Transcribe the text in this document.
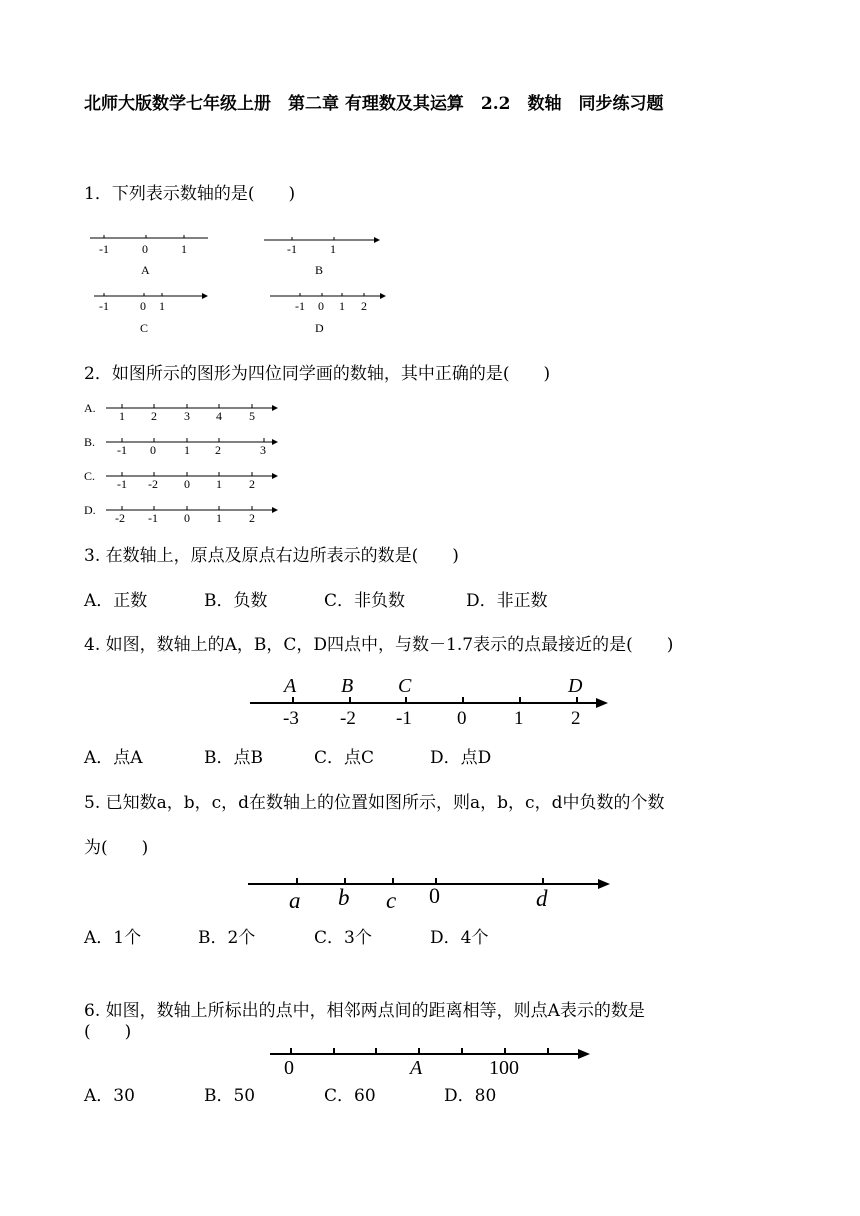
北师大版数学七年级上册　第二章 有理数及其运算　2.2　数轴　同步练习题
1．下列表示数轴的是(　　)
-1	0	1
A
-1	1
B
-1	0 1
C
-1 0 1 2
D
2．如图所示的图形为四位同学画的数轴，其中正确的是(　　)
A.
1 2 3 4 5
B.
-1 0 1 2	3
C.
-1 -2 0 1 2
D.
-2 -1 0 1 2
3. 在数轴上，原点及原点右边所表示的数是(　　)
A．正数	B．负数	C．非负数	D．非正数
4. 如图，数轴上的A，B，C，D四点中，与数－1.7表示的点最接近的是(　　)
A B C	D
-3 -2 -1 0	1	2
A．点A	B．点B	C．点C	D．点D
5. 已知数a，b，c，d在数轴上的位置如图所示，则a，b，c，d中负数的个数
为(　　)
a b c 0	d
A．1个	B．2个	C．3个	D．4个
6. 如图，数轴上所标出的点中，相邻两点间的距离相等，则点A表示的数是
(　　)
0	A	100
A．30	B．50	C．60	D．80
